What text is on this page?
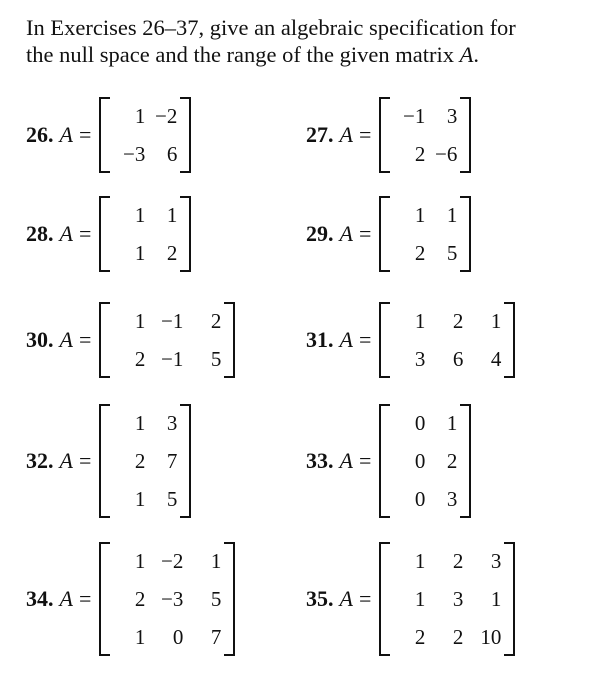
In Exercises 26–37, give an algebraic specification for
the null space and the range of the given matrix A.
26. A =
1 −2
−3	6
27. A =
−1	3
2 −6
28. A =
1	1
1	2
29. A =
1	1
2	5
30. A =
1 −1	2
2 −1	5
31. A =
1	2	1
3	6	4
32. A =
1	3
2	7
1	5
33. A =
0	1
0	2
0	3
34. A =
1 −2	1
2 −3	5
1	0	7
35. A =
1	2	3
1	3	1
2	2 10
